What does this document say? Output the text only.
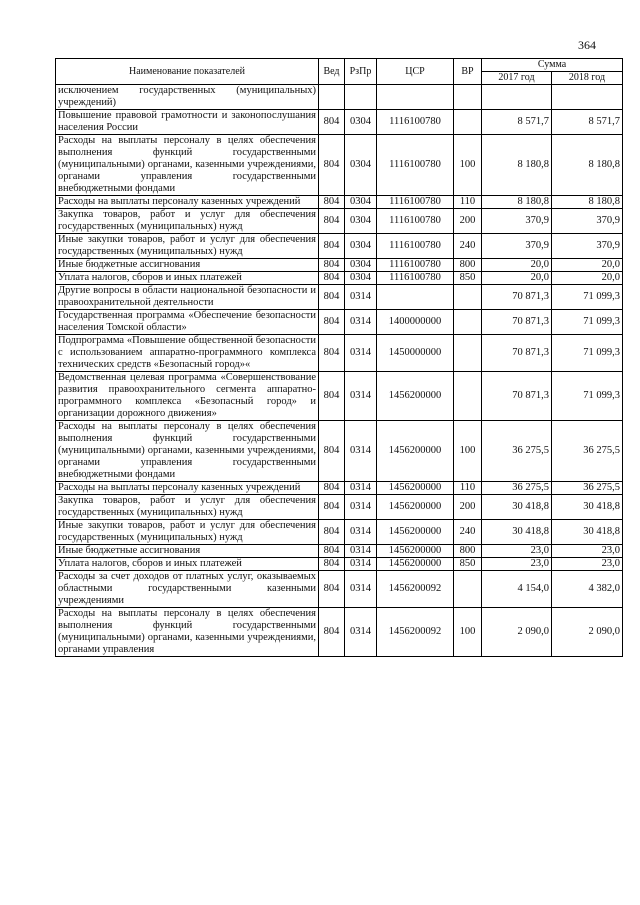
364
Наименование показателей	Вед	РзПр	ЦСР	ВР	Сумма	
					2017 год	2018 год
исключением государственных (муниципальных) учреждений)						
Повышение правовой грамотности и законопослушания населения России	804	0304	1116100780		8 571,7	8 571,7
Расходы на выплаты персоналу в целях обеспечения выполнения функций государственными (муниципальными) органами, казенными учреждениями, органами управления государственными внебюджетными фондами	804	0304	1116100780	100	8 180,8	8 180,8
Расходы на выплаты персоналу казенных учреждений	804	0304	1116100780	110	8 180,8	8 180,8
Закупка товаров, работ и услуг для обеспечения государственных (муниципальных) нужд	804	0304	1116100780	200	370,9	370,9
Иные закупки товаров, работ и услуг для обеспечения государственных (муниципальных) нужд	804	0304	1116100780	240	370,9	370,9
Иные бюджетные ассигнования	804	0304	1116100780	800	20,0	20,0
Уплата налогов, сборов и иных платежей	804	0304	1116100780	850	20,0	20,0
Другие вопросы в области национальной безопасности и правоохранительной деятельности	804	0314			70 871,3	71 099,3
Государственная программа «Обеспечение безопасности населения Томской области»	804	0314	1400000000		70 871,3	71 099,3
Подпрограмма «Повышение общественной безопасности с использованием аппаратно-программного комплекса технических средств «Безопасный город»«	804	0314	1450000000		70 871,3	71 099,3
Ведомственная целевая программа «Совершенствование развития правоохранительного сегмента аппаратно-программного комплекса «Безопасный город» и организации дорожного движения»	804	0314	1456200000		70 871,3	71 099,3
Расходы на выплаты персоналу в целях обеспечения выполнения функций государственными (муниципальными) органами, казенными учреждениями, органами управления государственными внебюджетными фондами	804	0314	1456200000	100	36 275,5	36 275,5
Расходы на выплаты персоналу казенных учреждений	804	0314	1456200000	110	36 275,5	36 275,5
Закупка товаров, работ и услуг для обеспечения государственных (муниципальных) нужд	804	0314	1456200000	200	30 418,8	30 418,8
Иные закупки товаров, работ и услуг для обеспечения государственных (муниципальных) нужд	804	0314	1456200000	240	30 418,8	30 418,8
Иные бюджетные ассигнования	804	0314	1456200000	800	23,0	23,0
Уплата налогов, сборов и иных платежей	804	0314	1456200000	850	23,0	23,0
Расходы за счет доходов от платных услуг, оказываемых областными государственными казенными учреждениями	804	0314	1456200092		4 154,0	4 382,0
Расходы на выплаты персоналу в целях обеспечения выполнения функций государственными (муниципальными) органами, казенными учреждениями, органами управления	804	0314	1456200092	100	2 090,0	2 090,0
